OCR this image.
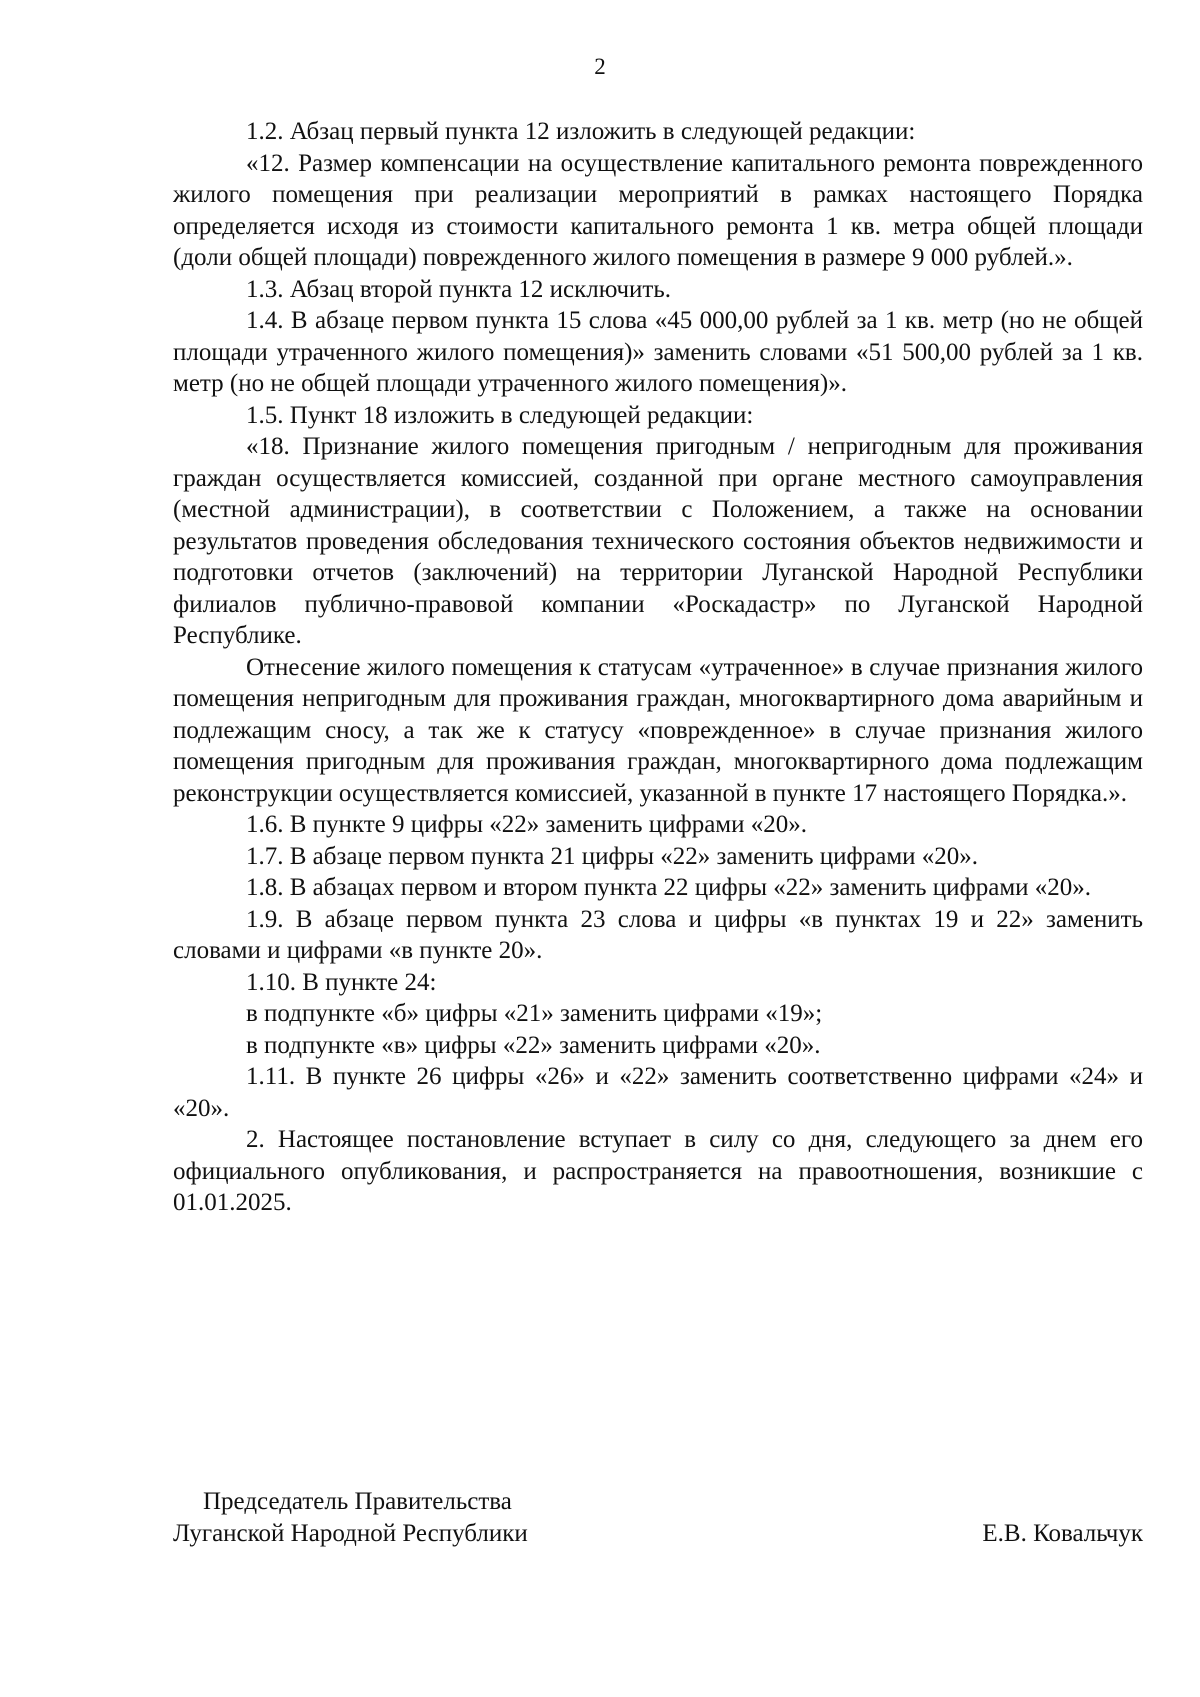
2

1.2. Абзац первый пункта 12 изложить в следующей редакции:

«12. Размер компенсации на осуществление капитального ремонта поврежденного жилого помещения при реализации мероприятий в рамках настоящего Порядка определяется исходя из стоимости капитального ремонта 1 кв. метра общей площади (доли общей площади) поврежденного жилого помещения в размере 9 000 рублей.».

1.3. Абзац второй пункта 12 исключить.

1.4. В абзаце первом пункта 15 слова «45 000,00 рублей за 1 кв. метр (но не общей площади утраченного жилого помещения)» заменить словами «51 500,00 рублей за 1 кв. метр (но не общей площади утраченного жилого помещения)».

1.5. Пункт 18 изложить в следующей редакции:

«18. Признание жилого помещения пригодным / непригодным для проживания граждан осуществляется комиссией, созданной при органе местного самоуправления (местной администрации), в соответствии с Положением, а также на основании результатов проведения обследования технического состояния объектов недвижимости и подготовки отчетов (заключений) на территории Луганской Народной Республики филиалов публично-правовой компании «Роскадастр» по Луганской Народной Республике.

Отнесение жилого помещения к статусам «утраченное» в случае признания жилого помещения непригодным для проживания граждан, многоквартирного дома аварийным и подлежащим сносу, а так же к статусу «поврежденное» в случае признания жилого помещения пригодным для проживания граждан, многоквартирного дома подлежащим реконструкции осуществляется комиссией, указанной в пункте 17 настоящего Порядка.».

1.6. В пункте 9 цифры «22» заменить цифрами «20».

1.7. В абзаце первом пункта 21 цифры «22» заменить цифрами «20».

1.8. В абзацах первом и втором пункта 22 цифры «22» заменить цифрами «20».

1.9. В абзаце первом пункта 23 слова и цифры «в пунктах 19 и 22» заменить словами и цифрами «в пункте 20».

1.10. В пункте 24:

в подпункте «б» цифры «21» заменить цифрами «19»;

в подпункте «в» цифры «22» заменить цифрами «20».

1.11. В пункте 26 цифры «26» и «22» заменить соответственно цифрами «24» и «20».

2. Настоящее постановление вступает в силу со дня, следующего за днем его официального опубликования, и распространяется на правоотношения, возникшие с 01.01.2025.

Председатель Правительства
Луганской Народной Республики	Е.В. Ковальчук
